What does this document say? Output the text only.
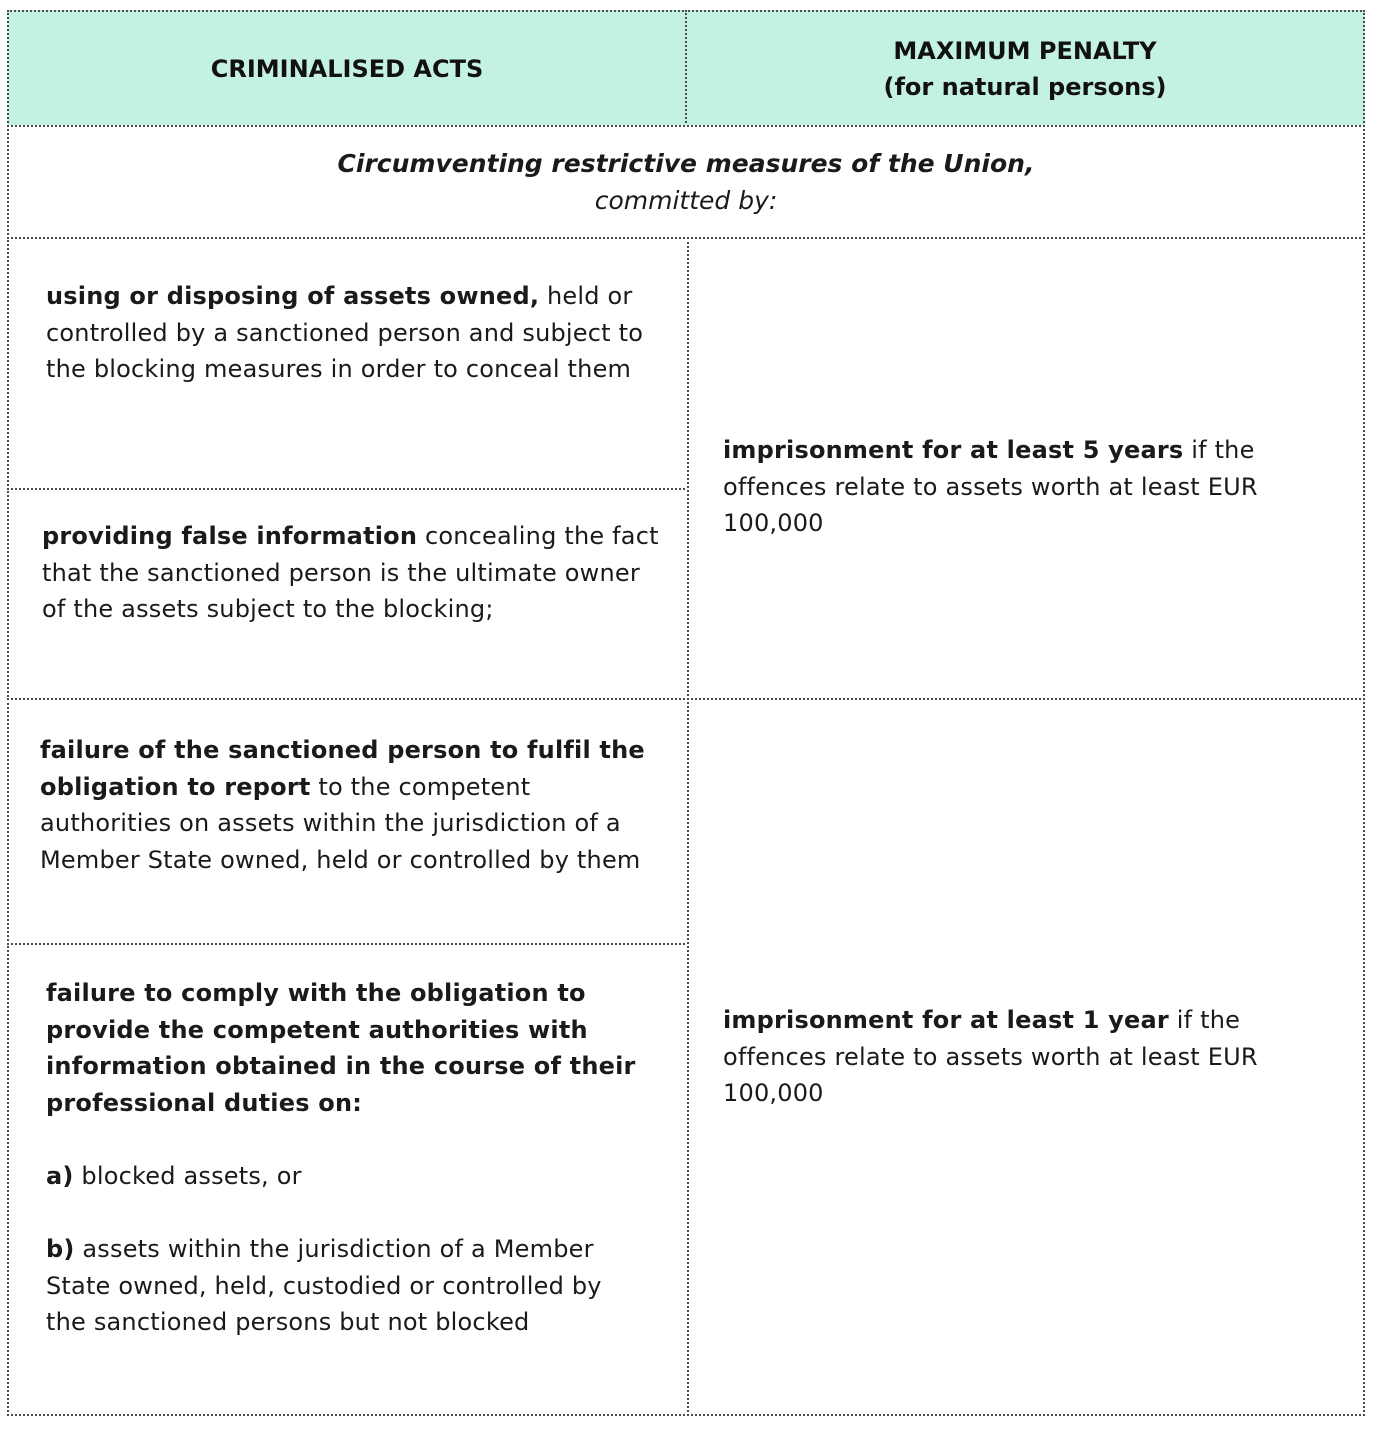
CRIMINALISED ACTS
MAXIMUM PENALTY
(for natural persons)
Circumventing restrictive measures of the Union,
committed by:
using or disposing of assets owned, held or controlled by a sanctioned person and subject to the blocking measures in order to conceal them
providing false information concealing the fact that the sanctioned person is the ultimate owner of the assets subject to the blocking;
imprisonment for at least 5 years if the offences relate to assets worth at least EUR 100,000
failure of the sanctioned person to fulfil the obligation to report to the competent authorities on assets within the jurisdiction of a Member State owned, held or controlled by them
failure to comply with the obligation to provide the competent authorities with information obtained in the course of their professional duties on:
a) blocked assets, or
b) assets within the jurisdiction of a Member State owned, held, custodied or controlled by the sanctioned persons but not blocked
imprisonment for at least 1 year if the offences relate to assets worth at least EUR 100,000
